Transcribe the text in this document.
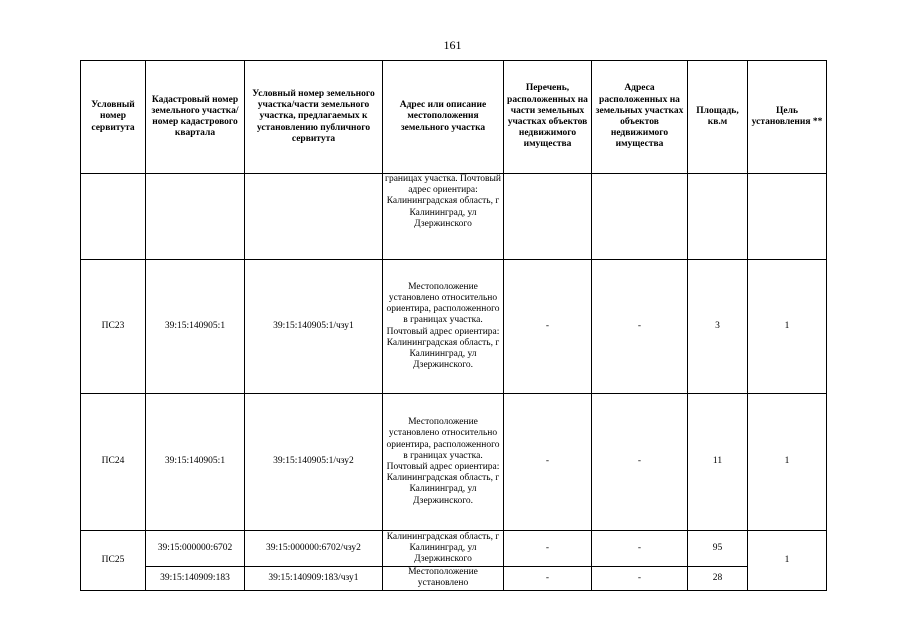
161
Условный номер сервитута	Кадастровый номер земельного участка/номер кадастрового квартала	Условный номер земельного участка/части земельного участка, предлагаемых к установлению публичного сервитута	Адрес или описание местоположения земельного участка	Перечень, расположенных на части земельных участках объектов недвижимого имущества	Адреса расположенных на земельных участках объектов недвижимого имущества	Площадь, кв.м	Цель установления **
			границах участка. Почтовый адрес ориентира: Калининградская область, г Калининград, ул Дзержинского				
ПС23	39:15:140905:1	39:15:140905:1/чзу1	Местоположение установлено относительно ориентира, расположенного в границах участка. Почтовый адрес ориентира: Калининградская область, г Калининград, ул Дзержинского.	-	-	3	1
ПС24	39:15:140905:1	39:15:140905:1/чзу2	Местоположение установлено относительно ориентира, расположенного в границах участка. Почтовый адрес ориентира: Калининградская область, г Калининград, ул Дзержинского.	-	-	11	1
ПС25	39:15:000000:6702	39:15:000000:6702/чзу2	Калининградская область, г Калининград, ул Дзержинского	-	-	95	1
	39:15:140909:183	39:15:140909:183/чзу1	Местоположение установлено	-	-	28	
